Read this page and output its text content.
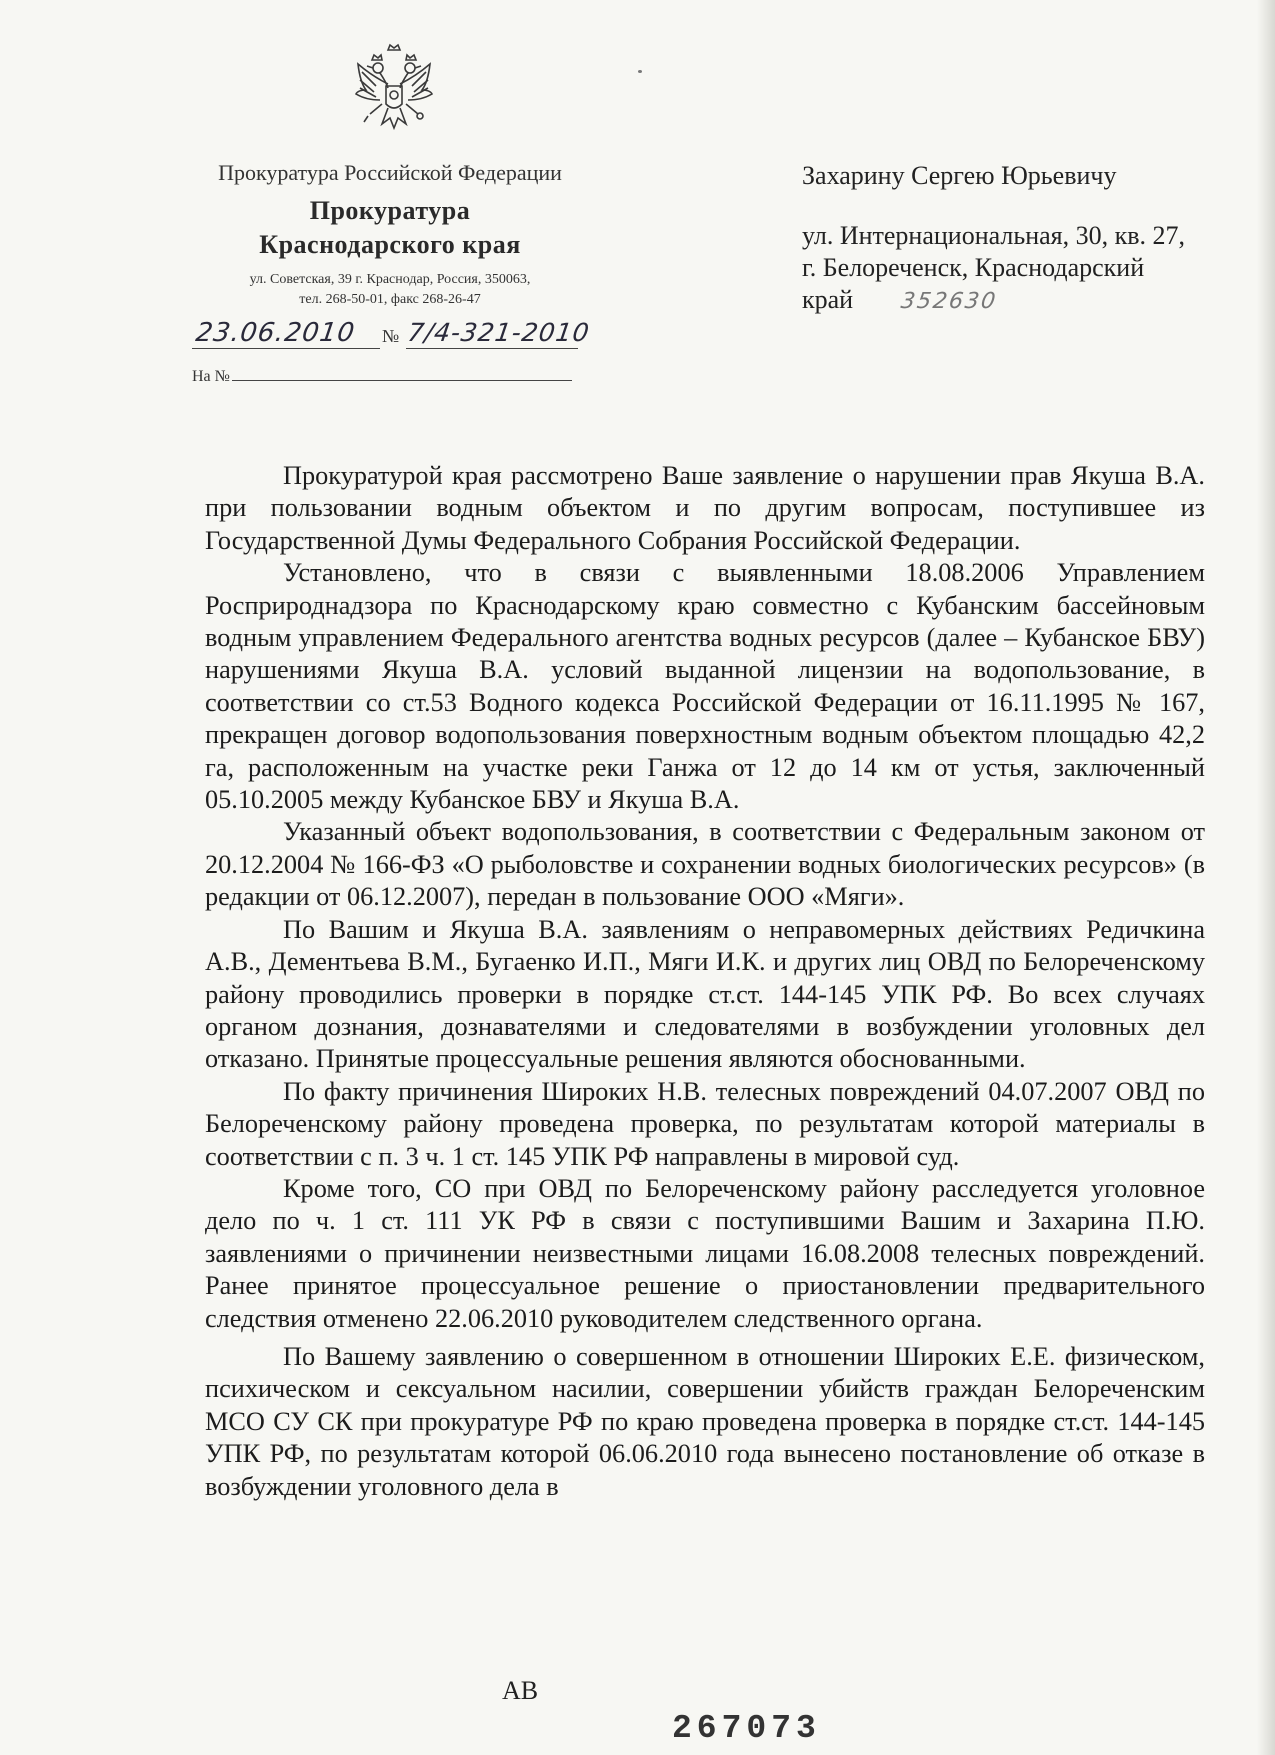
Прокуратура Российской Федерации
Прокуратура
Краснодарского края
ул. Советская, 39 г. Краснодар, Россия, 350063,
тел. 268-50-01, факс 268-26-47
23.06.2010 № 7/4-321-2010
На №
Захарину Сергею Юрьевичу
ул. Интернациональная, 30, кв. 27,
г. Белореченск, Краснодарский
край 352630

Прокуратурой края рассмотрено Ваше заявление о нарушении прав Якуша В.А. при пользовании водным объектом и по другим вопросам, поступившее из Государственной Думы Федерального Собрания Российской Федерации.

Установлено, что в связи с выявленными 18.08.2006 Управлением Росприроднадзора по Краснодарскому краю совместно с Кубанским бассейновым водным управлением Федерального агентства водных ресурсов (далее – Кубанское БВУ) нарушениями Якуша В.А. условий выданной лицензии на водопользование, в соответствии со ст.53 Водного кодекса Российской Федерации от 16.11.1995 № 167, прекращен договор водопользования поверхностным водным объектом площадью 42,2 га, расположенным на участке реки Ганжа от 12 до 14 км от устья, заключенный 05.10.2005 между Кубанское БВУ и Якуша В.А.

Указанный объект водопользования, в соответствии с Федеральным законом от 20.12.2004 № 166-ФЗ «О рыболовстве и сохранении водных биологических ресурсов» (в редакции от 06.12.2007), передан в пользование ООО «Мяги».

По Вашим и Якуша В.А. заявлениям о неправомерных действиях Редичкина А.В., Дементьева В.М., Бугаенко И.П., Мяги И.К. и других лиц ОВД по Белореченскому району проводились проверки в порядке ст.ст. 144-145 УПК РФ. Во всех случаях органом дознания, дознавателями и следователями в возбуждении уголовных дел отказано. Принятые процессуальные решения являются обоснованными.

По факту причинения Широких Н.В. телесных повреждений 04.07.2007 ОВД по Белореченскому району проведена проверка, по результатам которой материалы в соответствии с п. 3 ч. 1 ст. 145 УПК РФ направлены в мировой суд.

Кроме того, СО при ОВД по Белореченскому району расследуется уголовное дело по ч. 1 ст. 111 УК РФ в связи с поступившими Вашим и Захарина П.Ю. заявлениями о причинении неизвестными лицами 16.08.2008 телесных повреждений. Ранее принятое процессуальное решение о приостановлении предварительного следствия отменено 22.06.2010 руководителем следственного органа.

По Вашему заявлению о совершенном в отношении Широких Е.Е. физическом, психическом и сексуальном насилии, совершении убийств граждан Белореченским МСО СУ СК при прокуратуре РФ по краю проведена проверка в порядке ст.ст. 144-145 УПК РФ, по результатам которой 06.06.2010 года вынесено постановление об отказе в возбуждении уголовного дела в

АВ
267073
